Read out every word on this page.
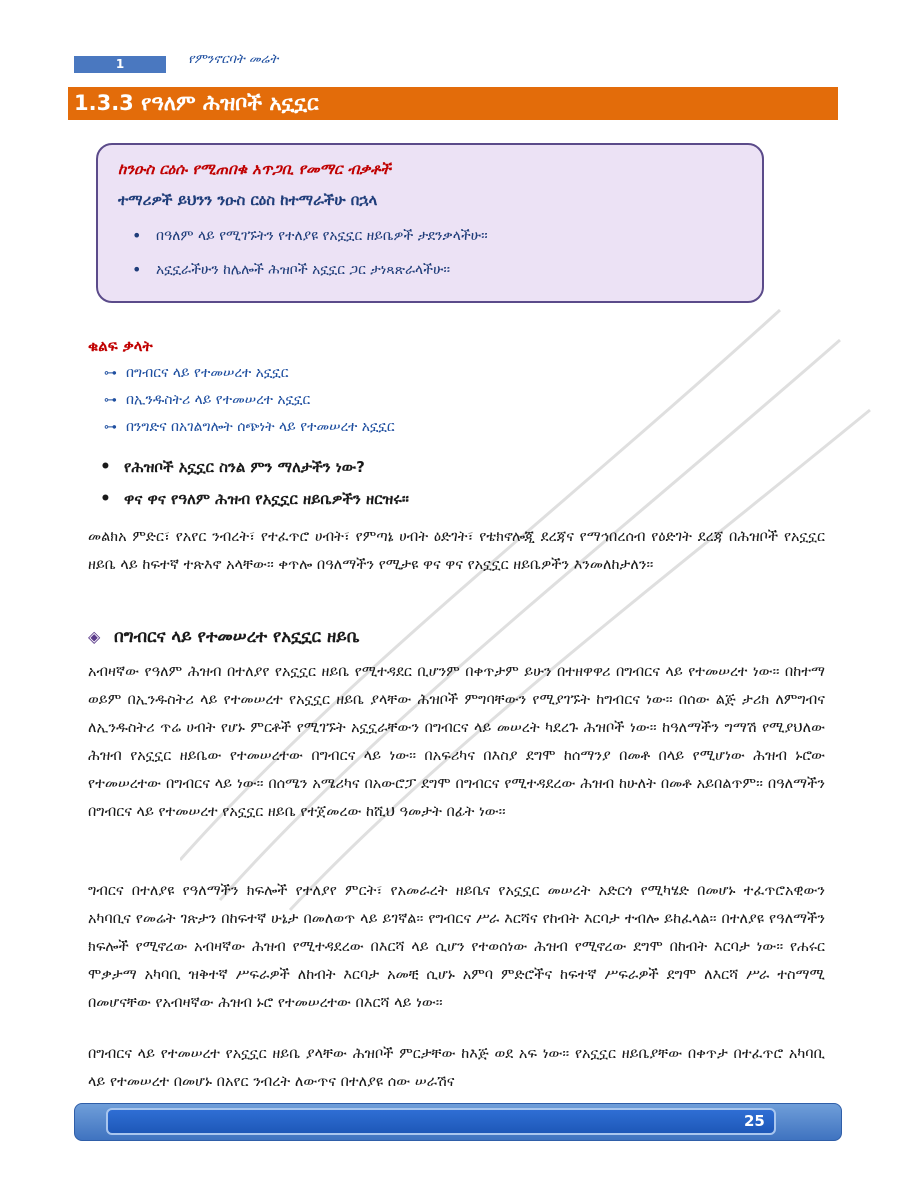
1	የምንኖርባት መሬት
1.3.3 የዓለም ሕዝቦች አኗኗር
ከንዑስ ርዕሱ የሚጠበቁ አጥጋቢ የመማር ብቃቶች
ተማሪዎች ይህንን ንዑስ ርዕስ ከተማራችሁ በኋላ
• በዓለም ላይ የሚገኙትን የተለያዩ የአኗኗር ዘይቤዎች ታደንቃላችሁ፡፡
• አኗኗራችሁን ከሌሎች ሕዝቦች አኗኗር ጋር ታነጻጽራላችሁ፡፡
ቁልፍ ቃላት
⊶ በግብርና ላይ የተመሠረተ አኗኗር
⊶ በኢንዱስትሪ ላይ የተመሠረተ አኗኗር
⊶ በንግድና በአገልግሎት ሰጭነት ላይ የተመሠረተ አኗኗር
• የሕዝቦች አኗኗር ስንል ምን ማለታችን ነው?
• ዋና ዋና የዓለም ሕዝብ የአኗኗር ዘይቤዎችን ዘርዝሩ፡፡

መልክአ ምድር፣ የአየር ንብረት፣ የተፈጥሮ ሀብት፣ የምጣኔ ሀብት ዕድገት፣ የቴክኖሎጂ ደረጃና የማኅበረሰብ የዕድገት ደረጃ በሕዝቦች የአኗኗር ዘይቤ ላይ ከፍተኛ ተጽእኖ አላቸው፡፡ ቀጥሎ በዓለማችን የሚታዩ ዋና ዋና የአኗኗር ዘይቤዎችን እንመለከታለን፡፡

◈ በግብርና ላይ የተመሠረተ የአኗኗር ዘይቤ

አብዛኛው የዓለም ሕዝብ በተለያየ የአኗኗር ዘይቤ የሚተዳደር ቢሆንም በቀጥታም ይሁን በተዘዋዋሪ በግብርና ላይ የተመሠረተ ነው፡፡ በከተማ ወይም በኢንዱስትሪ ላይ የተመሠረተ የአኗኗር ዘይቤ ያላቸው ሕዝቦች ምግባቸውን የሚያገኙት ከግብርና ነው፡፡ በሰው ልጅ ታሪክ ለምግብና ለኢንዱስትሪ ጥሬ ሀብት የሆኑ ምርቶች የሚገኙት አኗኗራቸውን በግብርና ላይ መሠረት ካደረጉ ሕዝቦች ነው፡፡ ከዓለማችን ግማሽ የሚያህለው ሕዝብ የአኗኗር ዘይቤው የተመሠረተው በግብርና ላይ ነው፡፡ በአፍሪካና በእስያ ደግሞ ከሰማንያ በመቶ በላይ የሚሆነው ሕዝብ ኑሮው የተመሠረተው በግብርና ላይ ነው፡፡ በሰሜን አሜሪካና በአውሮፓ ደግሞ በግብርና የሚተዳደረው ሕዝብ ከሁለት በመቶ አይበልጥም፡፡ በዓለማችን በግብርና ላይ የተመሠረተ የአኗኗር ዘይቤ የተጀመረው ከሺህ ዓመታት በፊት ነው፡፡

ግብርና በተለያዩ የዓለማችን ክፍሎች የተለያየ ምርት፣ የአመራረት ዘይቤና የአኗኗር መሠረት አድርጎ የሚካሄድ በመሆኑ ተፈጥሮአዊውን አካባቢና የመሬት ገጽታን በከፍተኛ ሁኔታ በመለወጥ ላይ ይገኛል፡፡ የግብርና ሥራ እርሻና የከብት እርባታ ተብሎ ይከፈላል፡፡ በተለያዩ የዓለማችን ክፍሎች የሚኖረው አብዛኛው ሕዝብ የሚተዳደረው በእርሻ ላይ ሲሆን የተወሰነው ሕዝብ የሚኖረው ደግሞ በከብት እርባታ ነው፡፡ የሐሩር ሞቃታማ አካባቢ ዝቅተኛ ሥፍራዎች ለከብት እርባታ አመቺ ሲሆኑ አምባ ምድሮችና ከፍተኛ ሥፍራዎች ደግሞ ለእርሻ ሥራ ተስማሚ በመሆናቸው የአብዛኛው ሕዝብ ኑሮ የተመሠረተው በእርሻ ላይ ነው፡፡

በግብርና ላይ የተመሠረተ የአኗኗር ዘይቤ ያላቸው ሕዝቦች ምርታቸው ከእጅ ወደ አፍ ነው፡፡ የአኗኗር ዘይቤያቸው በቀጥታ በተፈጥሮ አካባቢ ላይ የተመሠረተ በመሆኑ በአየር ንብረት ለውጥና በተለያዩ ሰው ሠራሽና

25
